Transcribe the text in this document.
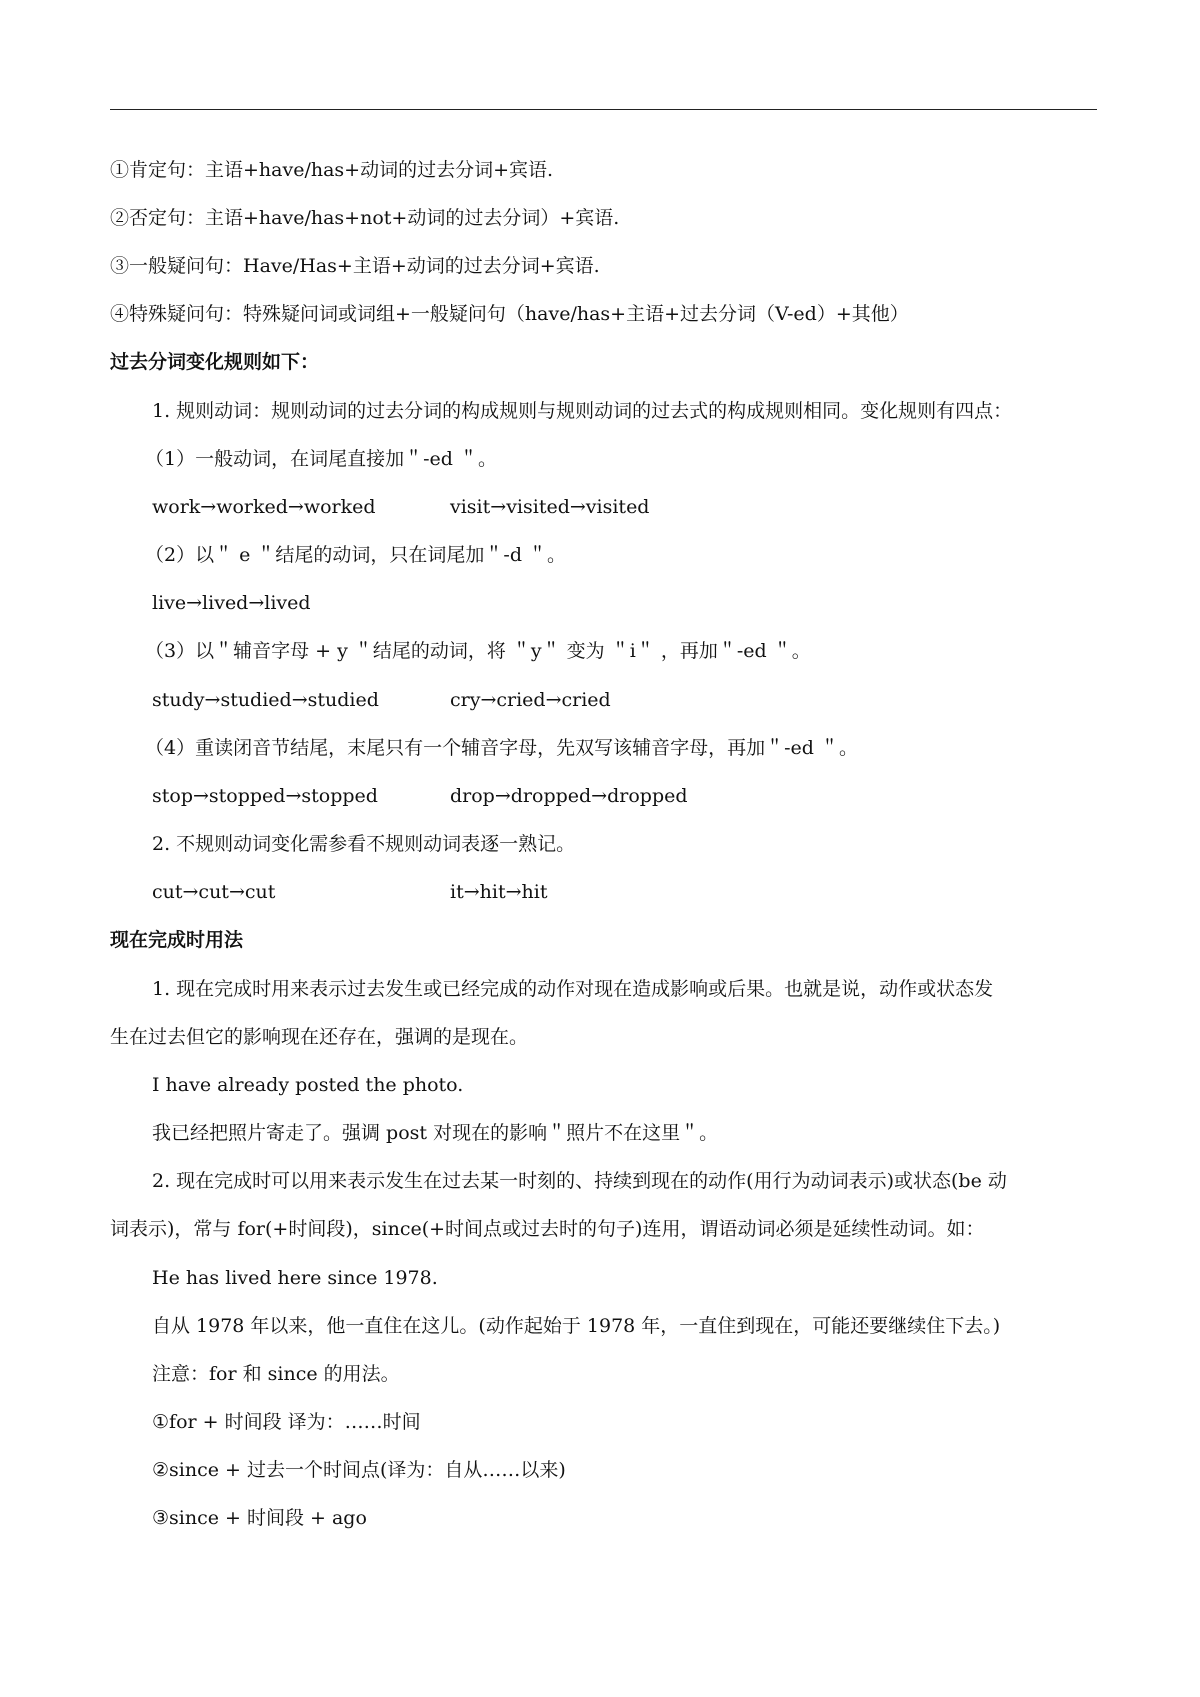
①肯定句：主语+have/has+动词的过去分词+宾语.
②否定句：主语+have/has+not+动词的过去分词）+宾语.
③一般疑问句：Have/Has+主语+动词的过去分词+宾语.
④特殊疑问句：特殊疑问词或词组+一般疑问句（have/has+主语+过去分词（V-ed）+其他）
过去分词变化规则如下：
1. 规则动词：规则动词的过去分词的构成规则与规则动词的过去式的构成规则相同。变化规则有四点：
（1）一般动词，在词尾直接加＂-ed ＂。
work→worked→worked	visit→visited→visited
（2）以＂ e ＂结尾的动词，只在词尾加＂-d ＂。
live→lived→lived
（3）以＂辅音字母 + y ＂结尾的动词，将 ＂y＂ 变为 ＂i＂ ，再加＂-ed ＂。
study→studied→studied	cry→cried→cried
（4）重读闭音节结尾，末尾只有一个辅音字母，先双写该辅音字母，再加＂-ed ＂。
stop→stopped→stopped	drop→dropped→dropped
2. 不规则动词变化需参看不规则动词表逐一熟记。
cut→cut→cut	it→hit→hit
现在完成时用法
1. 现在完成时用来表示过去发生或已经完成的动作对现在造成影响或后果。也就是说，动作或状态发
生在过去但它的影响现在还存在，强调的是现在。
I have already posted the photo.
我已经把照片寄走了。强调 post 对现在的影响＂照片不在这里＂。
2. 现在完成时可以用来表示发生在过去某一时刻的、持续到现在的动作(用行为动词表示)或状态(be 动
词表示)，常与 for(+时间段)，since(+时间点或过去时的句子)连用，谓语动词必须是延续性动词。如：
He has lived here since 1978.
自从 1978 年以来，他一直住在这儿。(动作起始于 1978 年，一直住到现在，可能还要继续住下去。)
注意：for 和 since 的用法。
①for + 时间段 译为：……时间
②since + 过去一个时间点(译为：自从……以来)
③since + 时间段 + ago
